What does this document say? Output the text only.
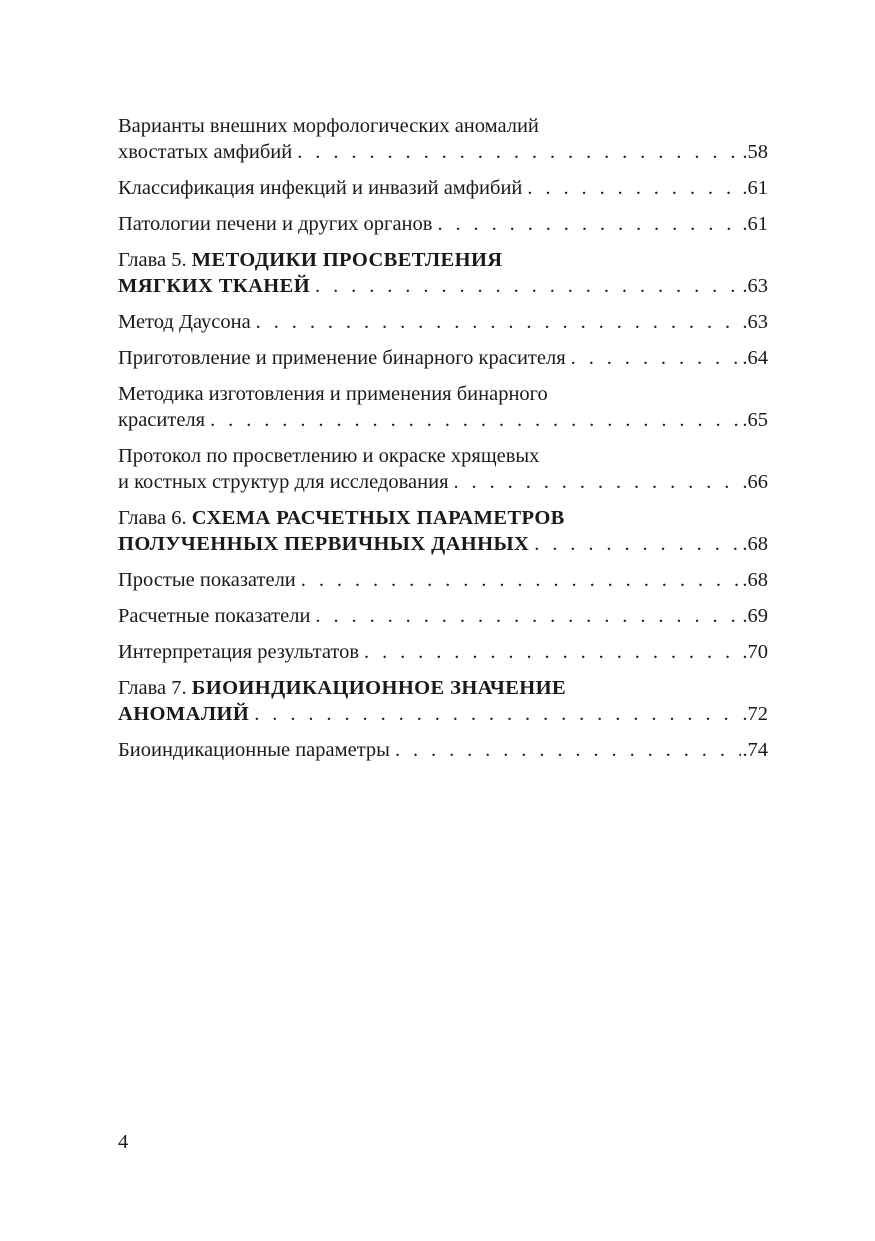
Варианты внешних морфологических аномалий
хвостатых амфибий . . .	.58
Классификация инфекций и инвазий амфибий . . .	.61
Патологии печени и других органов . . .	.61
Глава 5. МЕТОДИКИ ПРОСВЕТЛЕНИЯ
МЯГКИХ ТКАНЕЙ . . .	.63
Метод Даусона . . .	.63
Приготовление и применение бинарного красителя . . .	.64
Методика изготовления и применения бинарного
красителя . . .	.65
Протокол по просветлению и окраске хрящевых
и костных структур для исследования . . .	.66
Глава 6. СХЕМА РАСЧЕТНЫХ ПАРАМЕТРОВ
ПОЛУЧЕННЫХ ПЕРВИЧНЫХ ДАННЫХ . . .	.68
Простые показатели . . .	.68
Расчетные показатели . . .	.69
Интерпретация результатов . . .	.70
Глава 7. БИОИНДИКАЦИОННОЕ ЗНАЧЕНИЕ
АНОМАЛИЙ . . .	.72
Биоиндикационные параметры . . .	.74
4
